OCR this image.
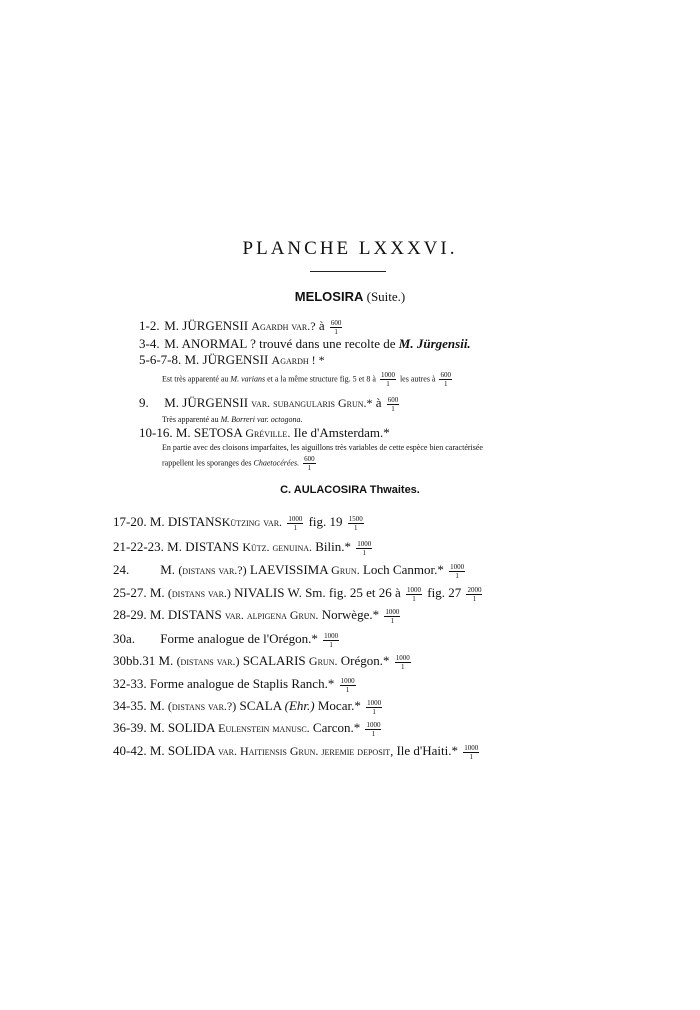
PLANCHE LXXXVI.
MELOSIRA (Suite.)
1-2. M. JÜRGENSII Agardh var.? à $\frac{600}{1}$
3-4. M. ANORMAL ? trouvé dans une recolte de M. Jürgensii.
5-6-7-8. M. JÜRGENSII Agardh ! *
Est très apparenté au M. varians et a la même structure fig. 5 et 8 à $\frac{1000}{1}$ les autres à $\frac{600}{1}$
9. M. JÜRGENSII var. subangularis Grun.* à $\frac{600}{1}$
Très apparenté au M. Borreri var. octogona.
10-16. M. SETOSA Gréville. Ile d'Amsterdam.*
En partie avec des cloisons imparfaites, les aiguillons très variables de cette espèce bien caractérisée
rappellent les sporanges des Chaetocérées. $\frac{600}{1}$
C. AULACOSIRA Thwaites.
17-20. M. DISTANSKützing var. $\frac{1000}{1}$ fig. $19 \frac{1500}{1}$
21-22-23. M. DISTANS Kütz. genuina. Bilin.* $\frac{1000}{1}$
24. M. (distans var.?) LAEVISSIMA Grun. Loch Canmor.* $\frac{1000}{1}$
25-27. M. (distans var.) NIVALIS W. Sm. fig. 25 et 26 à $\frac{1000}{1}$ fig. $27 \frac{2000}{1}$
28-29. M. DISTANS var. alpigena Grun. Norwège.* $\frac{1000}{1}$
30a. Forme analogue de l'Orégon.* $\frac{1000}{1}$
30bb.31 M. (distans var.) SCALARIS Grun. Orégon.* $\frac{1000}{1}$
32-33. Forme analogue de Staplis Ranch.* $\frac{1000}{1}$
34-35. M. (distans var.?) SCALA (Ehr.) Mocar.* $\frac{1000}{1}$
36-39. M. SOLIDA Eulenstein manusc. Carcon.* $\frac{1000}{1}$
40-42. M. SOLIDA var. Haitiensis Grun. jeremie deposit, Ile d'Haiti.* $\frac{1000}{1}$
